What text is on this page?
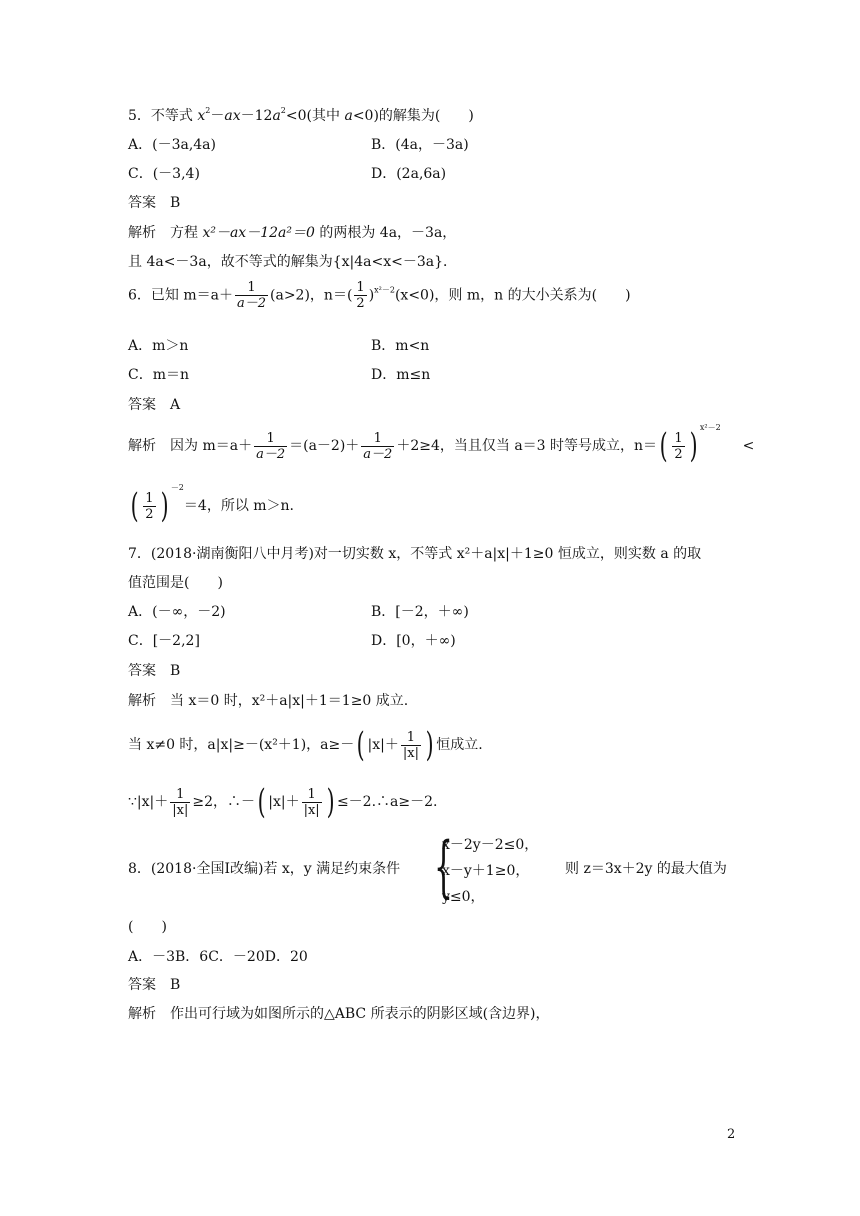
5．不等式 $x^2-ax-12a^2<0$(其中 a<0)的解集为(　　)
A．(－3a,4a)	B．(4a，－3a)
C．(－3,4)	D．(2a,6a)
答案　B
解析　方程 x²－ax－12a²＝0 的两根为 4a，－3a，
且 4a<－3a，故不等式的解集为{x|4a<x<－3a}．
6．已知 $m=a+ \frac{1}{a-2} (a>2)$，$n=( \frac{1}{2} )^{x^2-2}(x<0)$，则 m，n 的大小关系为(　　)
A．m＞n	B．m<n
C．m＝n	D．m≤n
答案　A
解析　因为 $m=a+ \frac{1}{a-2} =(a-2)+ \frac{1}{a-2} +2\ge 4$，当且仅当 a＝3 时等号成立，$n=( \frac{1}{2}$ ) $^{x^2-2}$<
( $\frac{1}{2}$ ) $^{-2}$＝4，所以 m＞n.
7．(2018·湖南衡阳八中月考)对一切实数 x，不等式 x²＋a|x|＋1≥0 恒成立，则实数 a 的取
值范围是(　　)
A．(－∞，－2)	B．[－2，＋∞)
C．[－2,2]	D．[0，＋∞)
答案　B
解析　当 x＝0 时，x²＋a|x|＋1＝1≥0 成立.
当 x≠0 时，a|x|≥－(x²＋1)，a≥－( $|x|+ \frac{1}{|x|}$ ) 恒成立.
∵|x|＋ $\frac{1}{|x|} \ge 2$，∴－( $|x|+ \frac{1}{|x|}$ ) ≤－2.∴a≥－2.
8．(2018·全国Ⅰ改编)若 x，y 满足约束条件 {
x－2y－2≤0，
x－y＋1≥0，
y≤0，
则 z＝3x＋2y 的最大值为
(　　)
A．－3B．6C．－20D．20
答案　B
解析　作出可行域为如图所示的△ABC 所表示的阴影区域(含边界)，
2
